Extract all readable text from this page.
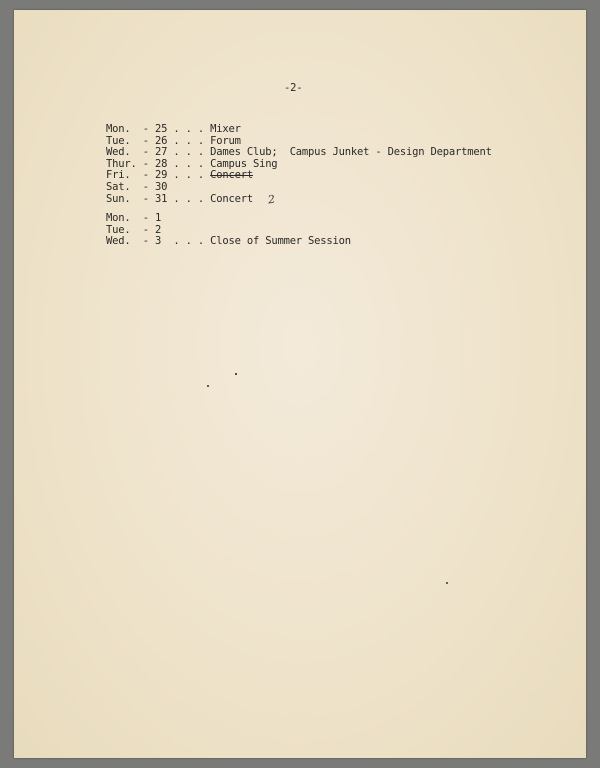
-2-
Mon.  - 25 . . . Mixer
Tue.  - 26 . . . Forum
Wed.  - 27 . . . Dames Club;  Campus Junket - Design Department
Thur. - 28 . . . Campus Sing
Fri.  - 29 . . . Concert
Sat.  - 30
Sun.  - 31 . . . Concert 2
Mon.  - 1
Tue.  - 2
Wed.  - 3  . . . Close of Summer Session
